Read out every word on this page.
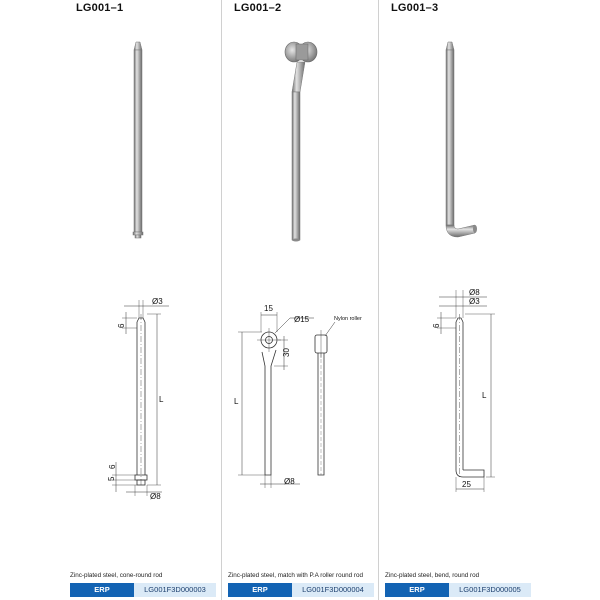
LG001–1
Ø3
L
6
6
5
Ø8
Zinc-plated steel, cone-round rod
ERP	LG001F3D000003
LG001–2
15
Ø15
30
L
Ø8
Nylon roller
Zinc-plated steel, match with P.A roller round rod
ERP	LG001F3D000004
LG001–3
Ø8
Ø3
6
L
25
Zinc-plated steel, bend, round rod
ERP	LG001F3D000005
